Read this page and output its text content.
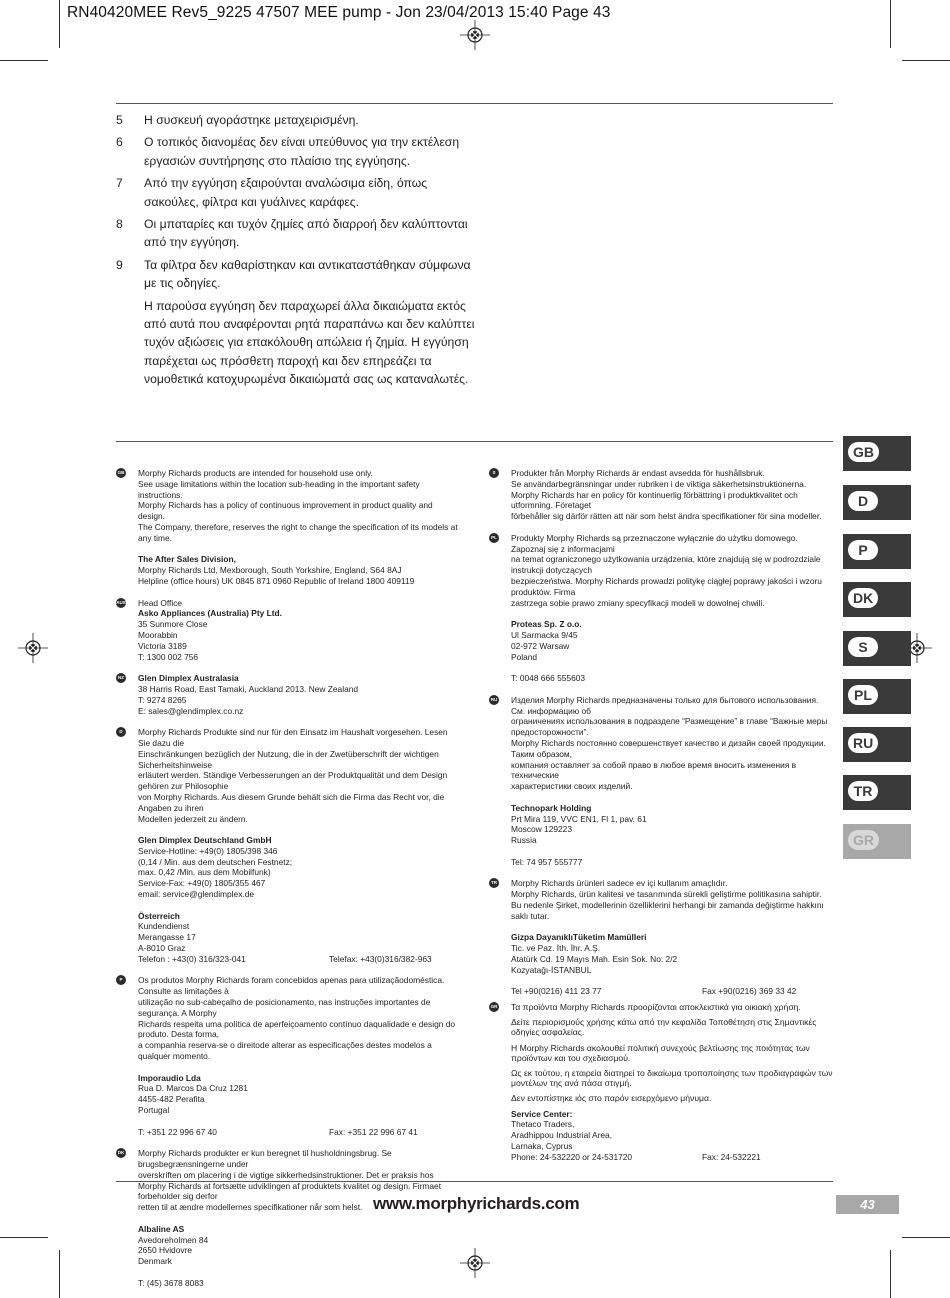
RN40420MEE Rev5_9225 47507 MEE pump - Jon 23/04/2013 15:40 Page 43
5	Η συσκευή αγοράστηκε μεταχειρισμένη.
6	Ο τοπικός διανομέας δεν είναι υπεύθυνος για την εκτέλεση εργασιών συντήρησης στο πλαίσιο της εγγύησης.
7	Από την εγγύηση εξαιρούνται αναλώσιμα είδη, όπως σακούλες, φίλτρα και γυάλινες καράφες.
8	Οι μπαταρίες και τυχόν ζημίες από διαρροή δεν καλύπτονται από την εγγύηση.
9	Τα φίλτρα δεν καθαρίστηκαν και αντικαταστάθηκαν σύμφωνα με τις οδηγίες.
Η παρούσα εγγύηση δεν παραχωρεί άλλα δικαιώματα εκτός από αυτά που αναφέρονται ρητά παραπάνω και δεν καλύπτει τυχόν αξιώσεις για επακόλουθη απώλεια ή ζημία. Η εγγύηση παρέχεται ως πρόσθετη παροχή και δεν επηρεάζει τα νομοθετικά κατοχυρωμένα δικαιώματά σας ως καταναλωτές.
GB
D
P
DK
S
PL
RU
TR
GR
GB Morphy Richards products are intended for household use only.

See usage limitations within the location sub-heading in the important safety instructions.

Morphy Richards has a policy of continuous improvement in product quality and design.

The Company, therefore, reserves the right to change the specification of its models at any time.

The After Sales Division,

Morphy Richards Ltd, Mexborough, South Yorkshire, England, S64 8AJ

Helpline (office hours) UK 0845 871 0960 Republic of Ireland 1800 409119

AUS Head Office

Asko Appliances (Australia) Pty Ltd.

35 Sunmore Close

Moorabbin

Victoria 3189

T: 1300 002 756

NZ Glen Dimplex Australasia

38 Harris Road, East Tamaki, Auckland 2013. New Zealand

T: 9274 8265

E: sales@glendimplex.co.nz

D	Morphy Richards Produkte sind nur für den Einsatz im Haushalt vorgesehen. Lesen Sie dazu die

Einschränkungen bezüglich der Nutzung, die in der Zwetüberschrift der wichtigen Sicherheitshinweise

erläutert werden. Ständige Verbesserungen an der Produktqualität und dem Design gehören zur Philosophie

von Morphy Richards. Aus diesem Grunde behält sich die Firma das Recht vor, die Angaben zu ihren

Modellen jederzeit zu ändern.

Glen Dimplex Deutschland GmbH

Service-Hotline: +49(0) 1805/398 346

(0,14 / Min. aus dem deutschen Festnetz;

max. 0,42 /Min. aus dem Mobilfunk)

Service-Fax: +49(0) 1805/355 467

email: service@glendimplex.de

Österreich

Kundendienst

Merangasse 17

A-8010 Graz

Telefon : +43(0) 316/323-041	Telefax: +43(0)316/382-963

P	Os produtos Morphy Richards foram concebidos apenas para utilizaçãodoméstica. Consulte as limitações à

utilização no sub-cabeçalho de posicionamento, nas instruções importantes de segurança. A Morphy

Richards respeita uma política de aperfeiçoamento contínuo daqualidade e design do produto. Desta forma,

a companhia reserva-se o direitode alterar as especificações destes modelos a qualquer momento.

Imporaudio Lda

Rua D. Marcos Da Cruz 1281

4455-482 Perafita

Portugal

T: +351 22 996 67 40	Fax: +351 22 996 67 41

DK Morphy Richards produkter er kun beregnet til husholdningsbrug. Se brugsbegrænsningerne under

overskriften om placering i de vigtige sikkerhedsinstruktioner. Det er praksis hos

Morphy Richards at fortsætte udviklingen af produktets kvalitet og design. Firmaet forbeholder sig derfor

retten til at ændre modellernes specifikationer når som helst.

Albaline AS

Avedoreholmen 84

2650 Hvidovre

Denmark

T: (45) 3678 8083

S	Produkter från Morphy Richards är endast avsedda för hushållsbruk.

Se användarbegränsningar under rubriken i de viktiga säkerhetsinstruktionerna.

Morphy Richards har en policy för kontinuerlig förbättring i produktkvalitet och utformning. Företaget

förbehåller sig därför rätten att när som helst ändra specifikationer för sina modeller.

PL Produkty Morphy Richards są przeznaczone wyłącznie do użytku domowego. Zapoznaj się z informacjami

na temat ograniczonego użytkowania urządzenia, które znajdują się w podrozdziale instrukcji dotyczących

bezpieczeństwa. Morphy Richards prowadzi politykę ciągłej poprawy jakości i wzoru produktów. Firma

zastrzega sobie prawo zmiany specyfikacji modeli w dowolnej chwili.

Proteas Sp. Z o.o.

Ul Sarmacka 9/45

02-972 Warsaw

Poland

T: 0048 666 555603

RU Изделия Morphy Richards предназначены только для бытового использования. См. информацию об

ограничениях использования в подразделе “Размещение” в главе “Важные меры предосторожности”.

Morphy Richards постоянно совершенствует качество и дизайн своей продукции. Таким образом,

компания оставляет за собой право в любое время вносить изменения в технические

характеристики своих изделий.

Technopark Holding

Prt Mira 119, VVC EN1, Fl 1, pav. 61

Moscow 129223

Russia

Tel: 74 957 555777

TR Morphy Richards ürünleri sadece ev içi kullanım amaçlıdır.

Morphy Richards, ürün kalitesi ve tasarımında sürekli geliştirme politikasına sahiptir.

Bu nedenle Şirket, modellerinin özelliklerini herhangi bir zamanda değiştirme hakkını saklı tutar.

Gizpa DayanıklıTüketim Mamülleri

Tic. ve Paz. İth. İhr. A.Ş.

Atatürk Cd. 19 Mayıs Mah. Esin Sok. No: 2/2

Kozyatağı-İSTANBUL

Tel +90(0216) 411 23 77	Fax +90(0216) 369 33 42

GR Τα προϊόντα Morphy Richards προορίζονται αποκλειστικά για οικιακή χρήση.

Δείτε περιορισμούς χρήσης κάτω από την κεφαλίδα Τοποθέτηση στις Σημαντικές οδηγίες ασφαλείας.

Η Morphy Richards ακολουθεί πολιτική συνεχούς βελτίωσης της ποιότητας των προϊόντων και του σχεδιασμού.

Ως εκ τούτου, η εταιρεία διατηρεί το δικαίωμα τροποποίησης των προδιαγραφών των μοντέλων της ανά πάσα στιγμή.

Δεν εντοπίστηκε ιός στο παρόν εισερχόμενο μήνυμα.

Service Center:

Thetaco Traders,

Aradhippou Industrial Area,

Larnaka, Cyprus

Phone: 24-532220 or 24-531720	Fax: 24-532221

www.morphyrichards.com	43
